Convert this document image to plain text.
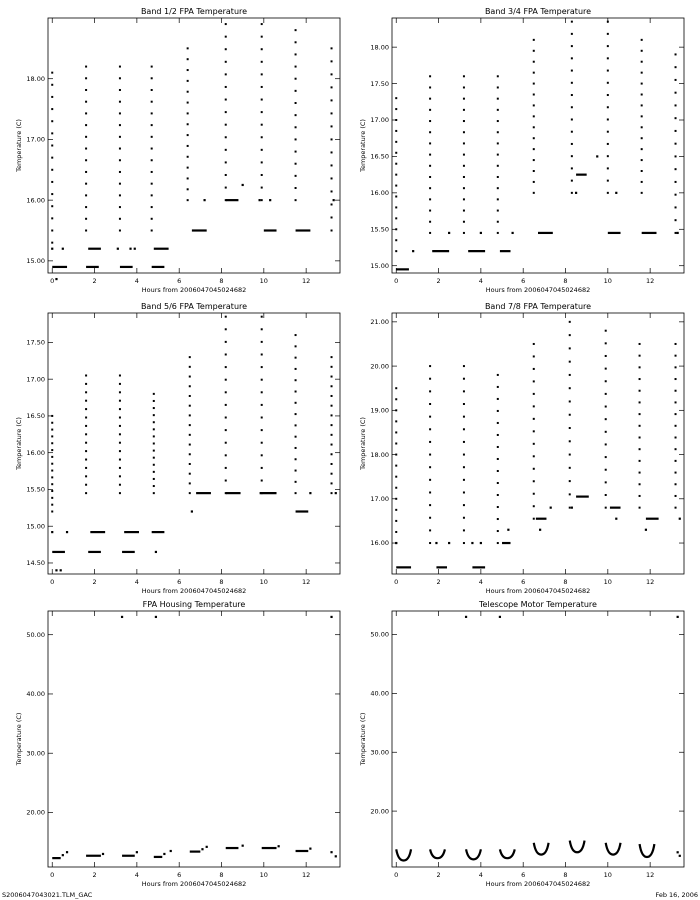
Band 1/2 FPA Temperature
Hours from 2006047045024682
Temperature (C)
0	2	4	6	8	10	12
15.00
16.00
17.00
18.00
Band 3/4 FPA Temperature
Hours from 2006047045024682
Temperature (C)
0	2	4	6	8	10	12
15.00
15.50
16.00
16.50
17.00
17.50
18.00
Band 5/6 FPA Temperature
Hours from 2006047045024682
Temperature (C)
0	2	4	6	8	10	12
14.50
15.00
15.50
16.00
16.50
17.00
17.50
Band 7/8 FPA Temperature
Hours from 2006047045024682
Temperature (C)
0	2	4	6	8	10	12
16.00
17.00
18.00
19.00
20.00
21.00
FPA Housing Temperature
Hours from 2006047045024682
Temperature (C)
0	2	4	6	8	10	12
20.00
30.00
40.00
50.00
Telescope Motor Temperature
Hours from 2006047045024682
Temperature (C)
0	2	4	6	8	10	12
20.00
30.00
40.00
50.00
S2006047043021.TLM_GAC	Feb 16, 2006
